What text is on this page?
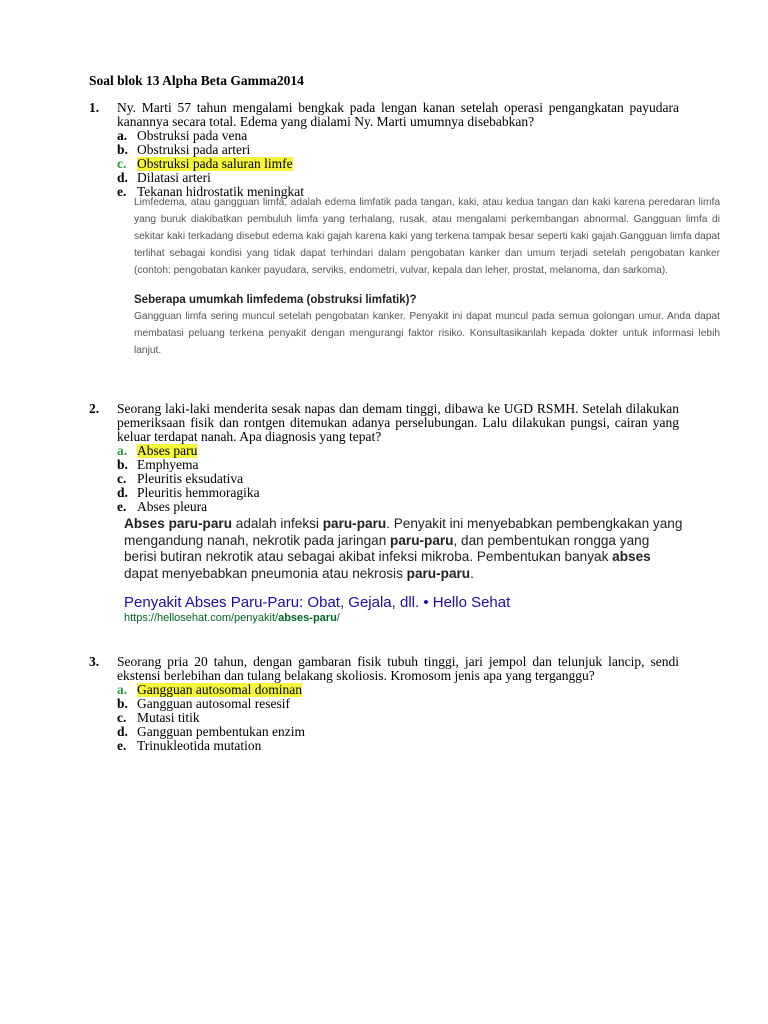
Soal blok 13 Alpha Beta Gamma2014
1. Ny. Marti 57 tahun mengalami bengkak pada lengan kanan setelah operasi pengangkatan payudara kanannya secara total. Edema yang dialami Ny. Marti umumnya disebabkan?
a. Obstruksi pada vena
b. Obstruksi pada arteri
c. Obstruksi pada saluran limfe
d. Dilatasi arteri
e. Tekanan hidrostatik meningkat

Limfedema, atau gangguan limfa, adalah edema limfatik pada tangan, kaki, atau kedua tangan dan kaki karena peredaran limfa yang buruk diakibatkan pembuluh limfa yang terhalang, rusak, atau mengalami perkembangan abnormal. Gangguan limfa di sekitar kaki terkadang disebut edema kaki gajah karena kaki yang terkena tampak besar seperti kaki gajah.Gangguan limfa dapat terlihat sebagai kondisi yang tidak dapat terhindari dalam pengobatan kanker dan umum terjadi setelah pengobatan kanker (contoh: pengobatan kanker payudara, serviks, endometri, vulvar, kepala dan leher, prostat, melanoma, dan sarkoma).

Seberapa umumkah limfedema (obstruksi limfatik)?

Gangguan limfa sering muncul setelah pengobatan kanker. Penyakit ini dapat muncul pada semua golongan umur. Anda dapat membatasi peluang terkena penyakit dengan mengurangi faktor risiko. Konsultasikanlah kepada dokter untuk informasi lebih lanjut.

2. Seorang laki-laki menderita sesak napas dan demam tinggi, dibawa ke UGD RSMH. Setelah dilakukan pemeriksaan fisik dan rontgen ditemukan adanya perselubungan. Lalu dilakukan pungsi, cairan yang keluar terdapat nanah. Apa diagnosis yang tepat?
a. Abses paru
b. Emphyema
c. Pleuritis eksudativa
d. Pleuritis hemmoragika
e. Abses pleura

Abses paru-paru adalah infeksi paru-paru. Penyakit ini menyebabkan pembengkakan yang mengandung nanah, nekrotik pada jaringan paru-paru, dan pembentukan rongga yang berisi butiran nekrotik atau sebagai akibat infeksi mikroba. Pembentukan banyak abses dapat menyebabkan pneumonia atau nekrosis paru-paru.

Penyakit Abses Paru-Paru: Obat, Gejala, dll. • Hello Sehat
https://hellosehat.com/penyakit/abses-paru/
3. Seorang pria 20 tahun, dengan gambaran fisik tubuh tinggi, jari jempol dan telunjuk lancip, sendi ekstensi berlebihan dan tulang belakang skoliosis. Kromosom jenis apa yang terganggu?
a. Gangguan autosomal dominan
b. Gangguan autosomal resesif
c. Mutasi titik
d. Gangguan pembentukan enzim
e. Trinukleotida mutation
